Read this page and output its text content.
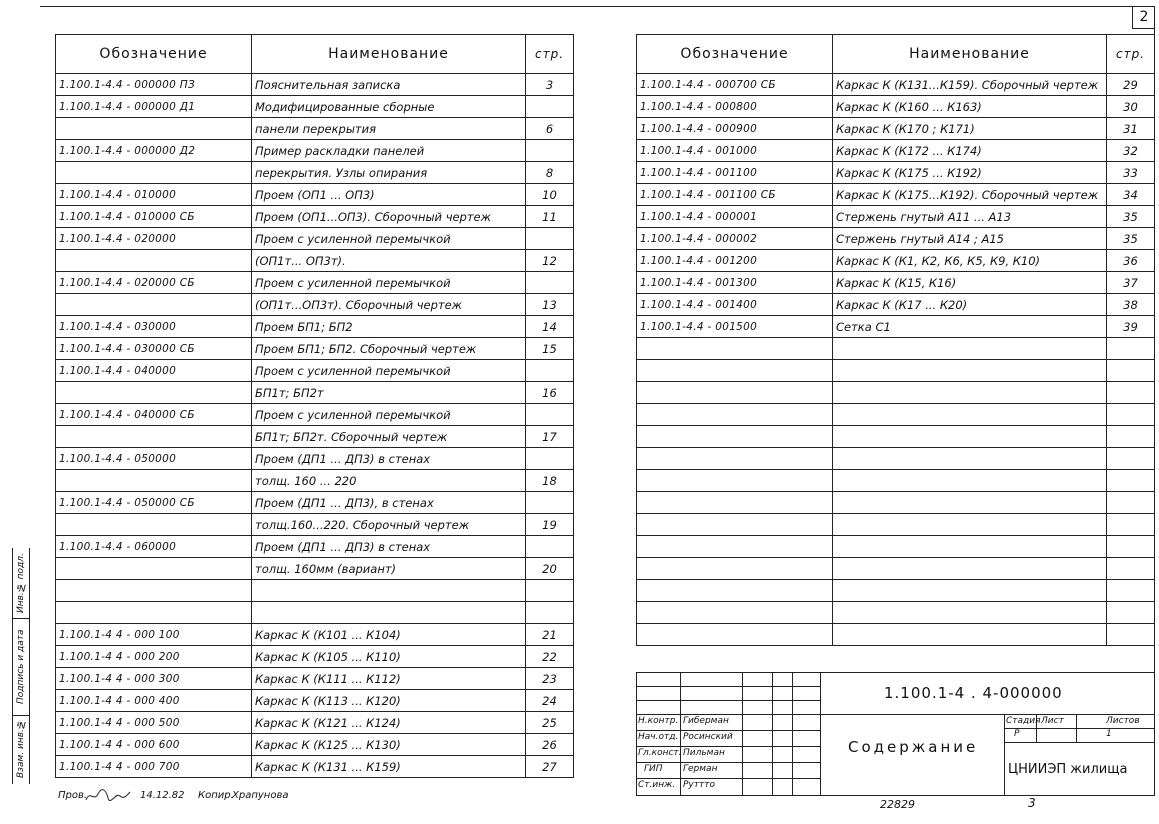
2
Обозначение	Наименование	стр.
1.100.1-4.4 - 000000 ПЗ	Пояснительная записка	3
1.100.1-4.4 - 000000 Д1	Модифицированные сборные	
	панели перекрытия	6
1.100.1-4.4 - 000000 Д2	Пример раскладки панелей	
	перекрытия. Узлы опирания	8
1.100.1-4.4 - 010000	Проем (ОП1 ... ОП3)	10
1.100.1-4.4 - 010000 СБ	Проем (ОП1...ОП3). Сборочный чертеж	11
1.100.1-4.4 - 020000	Проем с усиленной перемычкой	
	(ОП1т... ОП3т).	12
1.100.1-4.4 - 020000 СБ	Проем с усиленной перемычкой	
	(ОП1т...ОП3т). Сборочный чертеж	13
1.100.1-4.4 - 030000	Проем БП1; БП2	14
1.100.1-4.4 - 030000 СБ	Проем БП1; БП2. Сборочный чертеж	15
1.100.1-4.4 - 040000	Проем с усиленной перемычкой	
	БП1т; БП2т	16
1.100.1-4.4 - 040000 СБ	Проем с усиленной перемычкой	
	БП1т; БП2т. Сборочный чертеж	17
1.100.1-4.4 - 050000	Проем (ДП1 ... ДП3) в стенах	
	толщ. 160 ... 220	18
1.100.1-4.4 - 050000 СБ	Проем (ДП1 ... ДП3), в стенах	
	толщ.160...220. Сборочный чертеж	19
1.100.1-4.4 - 060000	Проем (ДП1 ... ДП3) в стенах	
	толщ. 160мм (вариант)	20

1.100.1-4 4 - 000 100	Каркас К (К101 ... К104)	21
1.100.1-4 4 - 000 200	Каркас К (К105 ... К110)	22
1.100.1-4 4 - 000 300	Каркас К (К111 ... К112)	23
1.100.1-4 4 - 000 400	Каркас К (К113 ... К120)	24
1.100.1-4 4 - 000 500	Каркас К (К121 ... К124)	25
1.100.1-4 4 - 000 600	Каркас К (К125 ... К130)	26
1.100.1-4 4 - 000 700	Каркас К (К131 ... К159)	27
Обозначение	Наименование	стр.
1.100.1-4.4 - 000700 СБ	Каркас К (К131...К159). Сборочный чертеж	29
1.100.1-4.4 - 000800	Каркас К (К160 ... К163)	30
1.100.1-4.4 - 000900	Каркас К (К170 ; К171)	31
1.100.1-4.4 - 001000	Каркас К (К172 ... К174)	32
1.100.1-4.4 - 001100	Каркас К (К175 ... К192)	33
1.100.1-4.4 - 001100 СБ	Каркас К (К175...К192). Сборочный чертеж	34
1.100.1-4.4 - 000001	Стержень гнутый А11 ... А13	35
1.100.1-4.4 - 000002	Стержень гнутый А14 ; А15	35
1.100.1-4.4 - 001200	Каркас К (К1, К2, К6, К5, К9, К10)	36
1.100.1-4.4 - 001300	Каркас К (К15, К16)	37
1.100.1-4.4 - 001400	Каркас К (К17 ... К20)	38
1.100.1-4.4 - 001500	Сетка С1	39

Инв.№ подл.
Подпись и дата
Взам. инв.№
1.100.1-4 . 4-000000
Содержание
Н.контр. Гиберман
Нач.отд. Росинский
Гл.конст. Пильман
ГИП Герман
Ст.инж. Руттто
Стадия Лист	Листов
Р	1
ЦНИИЭП жилища
Пров.	14.12.82 Копир.
Храпунова
22829	3
